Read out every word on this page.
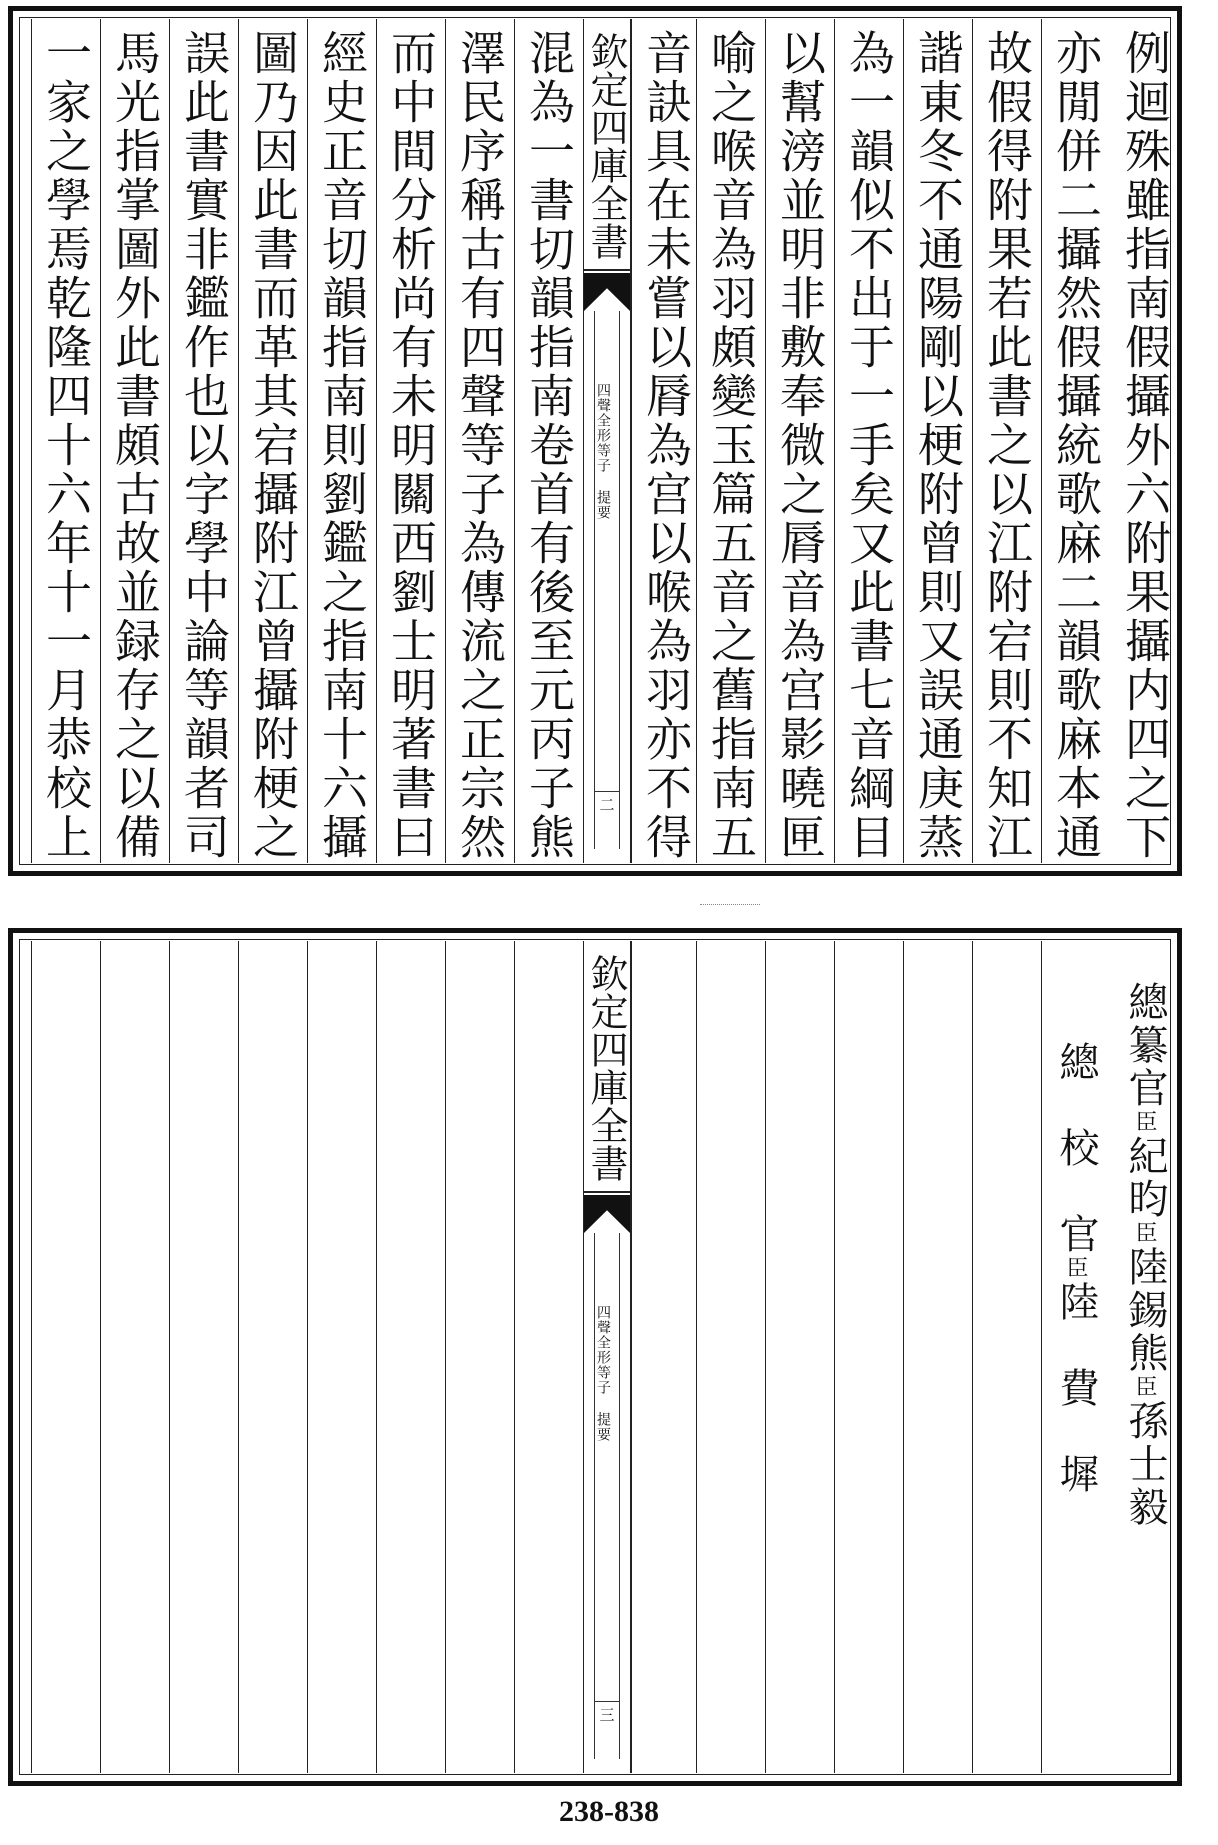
例迴殊雖指南假攝外六附果攝内四之下
亦閒併二攝然假攝統歌麻二韻歌麻本通
故假得附果若此書之以江附宕則不知江
諧東冬不通陽剛以梗附曾則又誤通庚蒸
為一韻似不出于一手矣又此書七音綱目
以幫滂並明非敷奉微之脣音為宫影曉匣
喻之喉音為羽頗變玉篇五音之舊指南五
音訣具在未嘗以脣為宫以喉為羽亦不得
欽定四庫全書
四聲全形等子 提要
二
混為一書切韻指南卷首有後至元丙子熊
澤民序稱古有四聲等子為傳流之正宗然
而中間分析尚有未明關西劉士明著書曰
經史正音切韻指南則劉鑑之指南十六攝
圖乃因此書而革其宕攝附江曾攝附梗之
誤此書實非鑑作也以字學中論等韻者司
馬光指掌圖外此書頗古故並録存之以備
一家之學焉乾隆四十六年十一月恭校上
總纂官$^臣$紀昀$^臣$陸錫熊$^臣$孫士毅
總　校　官$^臣$陸　費　墀
欽定四庫全書
四聲全形等子 提要
三
238-838
